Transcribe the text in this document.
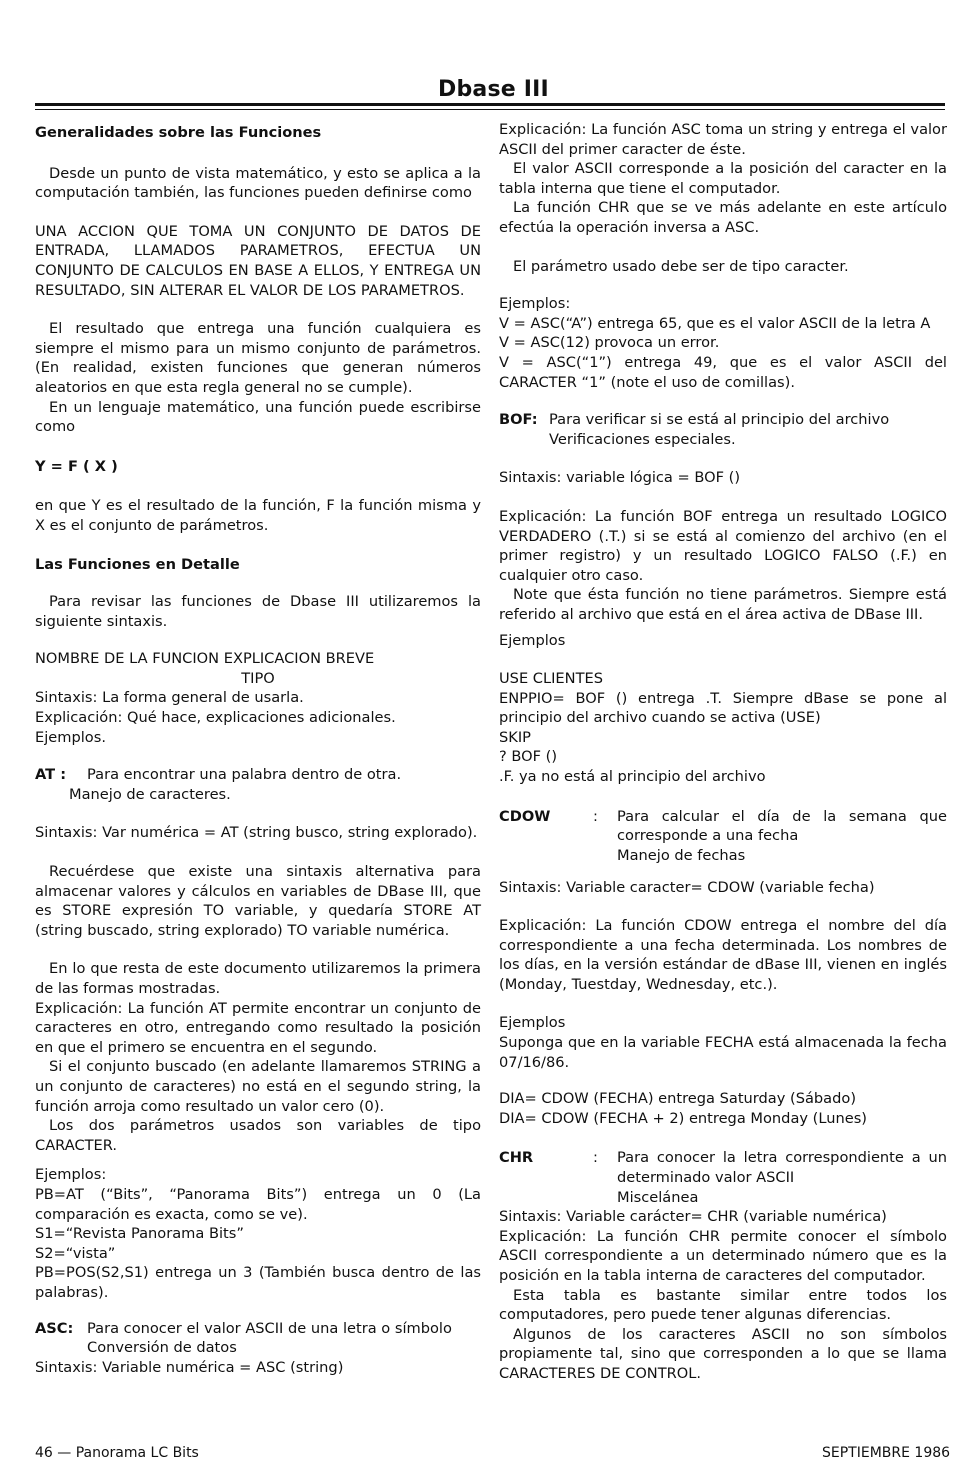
Dbase III

Generalidades sobre las Funciones

Desde un punto de vista matemático, y esto se aplica a la computación también, las funciones pueden definirse como

UNA ACCION QUE TOMA UN CONJUNTO DE DATOS DE ENTRADA, LLAMADOS PARAMETROS, EFECTUA UN CONJUNTO DE CALCULOS EN BASE A ELLOS, Y ENTREGA UN RESULTADO, SIN ALTERAR EL VALOR DE LOS PARAMETROS.

El resultado que entrega una función cualquiera es siempre el mismo para un mismo conjunto de parámetros. (En realidad, existen funciones que generan números aleatorios en que esta regla general no se cumple).

En un lenguaje matemático, una función puede escribirse como

Y = F ( X )

en que Y es el resultado de la función, F la función misma y X es el conjunto de parámetros.

Las Funciones en Detalle

Para revisar las funciones de Dbase III utilizaremos la siguiente sintaxis.

NOMBRE DE LA FUNCION EXPLICACION BREVE

TIPO

Sintaxis: La forma general de usarla.

Explicación: Qué hace, explicaciones adicionales.

Ejemplos.

AT :	Para encontrar una palabra dentro de otra.
Manejo de caracteres.

Sintaxis: Var numérica = AT (string busco, string explorado).

Recuérdese que existe una sintaxis alternativa para almacenar valores y cálculos en variables de DBase III, que es STORE expresión TO variable, y quedaría STORE AT (string buscado, string explorado) TO variable numérica.

En lo que resta de este documento utilizaremos la primera de las formas mostradas.

Explicación: La función AT permite encontrar un conjunto de caracteres en otro, entregando como resultado la posición en que el primero se encuentra en el segundo.

Si el conjunto buscado (en adelante llamaremos STRING a un conjunto de caracteres) no está en el segundo string, la función arroja como resultado un valor cero (0).

Los dos parámetros usados son variables de tipo CARACTER.

Ejemplos:

PB=AT (“Bits”, “Panorama Bits”) entrega un 0 (La comparación es exacta, como se ve).

S1=“Revista Panorama Bits”

S2=“vista”

PB=POS(S2,S1) entrega un 3 (También busca dentro de las palabras).

ASC: Para conocer el valor ASCII de una letra o símbolo
Conversión de datos
Sintaxis: Variable numérica = ASC (string)

Explicación: La función ASC toma un string y entrega el valor ASCII del primer caracter de éste.

El valor ASCII corresponde a la posición del caracter en la tabla interna que tiene el computador.

La función CHR que se ve más adelante en este artículo efectúa la operación inversa a ASC.

El parámetro usado debe ser de tipo caracter.

Ejemplos:

V = ASC(“A”) entrega 65, que es el valor ASCII de la letra A

V = ASC(12) provoca un error.

V = ASC(“1”) entrega 49, que es el valor ASCII del CARACTER “1” (note el uso de comillas).

BOF: Para verificar si se está al principio del archivo
Verificaciones especiales.

Sintaxis: variable lógica = BOF ()

Explicación: La función BOF entrega un resultado LOGICO VERDADERO (.T.) si se está al comienzo del archivo (en el primer registro) y un resultado LOGICO FALSO (.F.) en cualquier otro caso.

Note que ésta función no tiene parámetros. Siempre está referido al archivo que está en el área activa de DBase III.

Ejemplos

USE CLIENTES

ENPPIO= BOF () entrega .T. Siempre dBase se pone al principio del archivo cuando se activa (USE)

SKIP

? BOF ()

.F. ya no está al principio del archivo

CDOW	:	Para calcular el día de la semana que corresponde a una fecha
Manejo de fechas

Sintaxis: Variable caracter= CDOW (variable fecha)

Explicación: La función CDOW entrega el nombre del día correspondiente a una fecha determinada. Los nombres de los días, en la versión estándar de dBase III, vienen en inglés (Monday, Tuestday, Wednesday, etc.).

Ejemplos

Suponga que en la variable FECHA está almacenada la fecha 07/16/86.

DIA= CDOW (FECHA) entrega Saturday (Sábado)

DIA= CDOW (FECHA + 2) entrega Monday (Lunes)

CHR	:	Para conocer la letra correspondiente a un determinado valor ASCII
Miscelánea

Sintaxis: Variable carácter= CHR (variable numérica)

Explicación: La función CHR permite conocer el símbolo ASCII correspondiente a un determinado número que es la posición en la tabla interna de caracteres del computador.

Esta tabla es bastante similar entre todos los computadores, pero puede tener algunas diferencias.

Algunos de los caracteres ASCII no son símbolos propiamente tal, sino que corresponden a lo que se llama CARACTERES DE CONTROL.

46 — Panorama LC Bits	SEPTIEMBRE 1986
